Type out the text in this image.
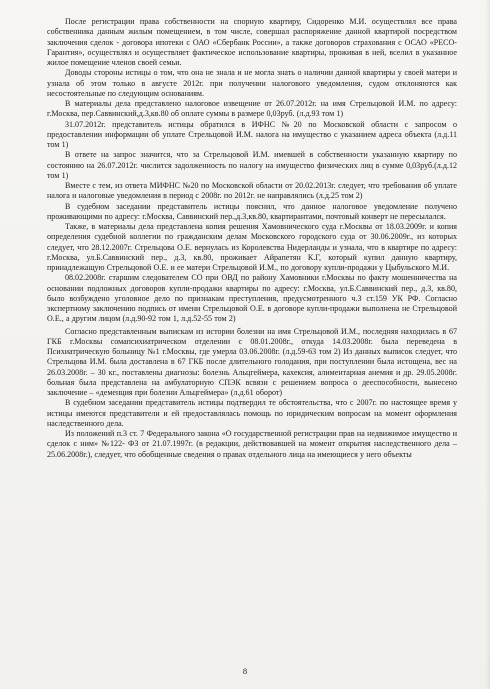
После регистрации права собственности на спорную квартиру, Сидоренко М.И. осуществлял все права собственника данным жилым помещением, в том числе, совершал распоряжение данной квартирой посредством заключения сделок - договора ипотеки с ОАО «Сбербанк России», а также договоров страхования с ОСАО «РЕСО-Гарантия», осуществлял и осуществляет фактическое использование квартиры, проживая в ней, вселил в указанное жилое помещение членов своей семьи.

Доводы стороны истицы о том, что она не знала и не могла знать о наличии данной квартиры у своей матери и узнала об этом только в августе 2012г. при получении налогового уведомления, судом отклоняются как несостоятельные по следующим основаниям.

В материалы дела представлено налоговое извещение от 26.07.2012г. на имя Стрельцовой И.М. по адресу: г.Москва, пер.Саввинский,д.3,кв.80 об оплате суммы в размере 0,03руб. (л.д.93 том 1)

31.07.2012г. представитель истицы обратился в ИФНС №20 по Московской области с запросом о предоставлении информации об уплате Стрельцовой И.М. налога на имущество с указанием адреса объекта (л.д.11 том 1)

В ответе на запрос значится, что за Стрельцовой И.М. имевшей в собственности указанную квартиру по состоянию на 26.07.2012г. числится задолженность по налогу на имущество физических лиц в сумме 0,03руб.(л.д.12 том 1)

Вместе с тем, из ответа МИФНС №20 по Московской области от 20.02.2013г. следует, что требования об уплате налога и налоговые уведомления в период с 2008г. по 2012г. не направлялись (л.д.25 том 2)

В судебном заседании представитель истицы пояснил, что данное налоговое уведомление получено проживающими по адресу: г.Москва, Саввинский пер.,д.3,кв.80, квартирантами, почтовый конверт не пересылался.

Также, в материалы дела представлена копия решения Хамовнического суда г.Москвы от 18.03.2009г. и копия определения судебной коллегии по гражданским делам Московского городского суда от 30.06.2009г., из которых следует, что 28.12.2007г. Стрельцова О.Е. вернулась из Королевства Нидерланды и узнала, что в квартире по адресу: г.Москва, ул.Б.Саввинский пер., д.3, кв.80, проживает Айрапетян К.Г, который купил данную квартиру, принадлежащую Стрельцовой О.Е. и ее матери Стрельцовой И.М., по договору купли-продажи у Цыбульского М.И.

08.02.2008г. старшим следователем СО при ОВД по району Хамовники г.Москвы по факту мошенничества на основании подложных договоров купли-продажи квартиры по адресу: г.Москва, ул.Б.Саввинский пер., д.3, кв.80, было возбуждено уголовное дело по признакам преступления, предусмотренного ч.3 ст.159 УК РФ. Согласно экспертному заключению подпись от имени Стрельцовой О.Е. в договоре купли-продажи выполнена не Стрельцовой О.Е., а другим лицом (л.д.90-92 том 1, л.д.52-55 том 2)

Согласно представленным выпискам из истории болезни на имя Стрельцовой И.М., последняя находилась в 67 ГКБ г.Москвы сомапсихиатрическом отделении с 08.01.2008г., откуда 14.03.2008г. была переведена в Психиатрическую больницу №1 г.Москвы, где умерла 03.06.2008г. (л.д.59-63 том 2) Из данных выписок следует, что Стрельцова И.М. была доставлена в 67 ГКБ после длительного голодания, при поступлении была истощена, вес на 26.03.2008г. – 30 кг., поставлены диагнозы: болезнь Альцгеймера, кахексия, алиментарная анемия и др. 29.05.2008г. больная была представлена на амбулаторную СПЭК всвязи с решением вопроса о дееспособности, вынесено заключение – «деменция при болезни Альцгеймера» (л.д.61 оборот)

В судебном заседании представитель истицы подтвердил те обстоятельства, что с 2007г. по настоящее время у истицы имеются представители и ей предоставлялась помощь по юридическим вопросам на момент оформления наследственного дела.

Из положений п.3 ст. 7 Федерального закона «О государственной регистрации прав на недвижимое имущество и сделок с ним» №122- ФЗ от 21.07.1997г. (в редакции, действовавшей на момент открытия наследственного дела – 25.06.2008г.), следует, что обобщенные сведения о правах отдельного лица на имеющиеся у него объекты

8
